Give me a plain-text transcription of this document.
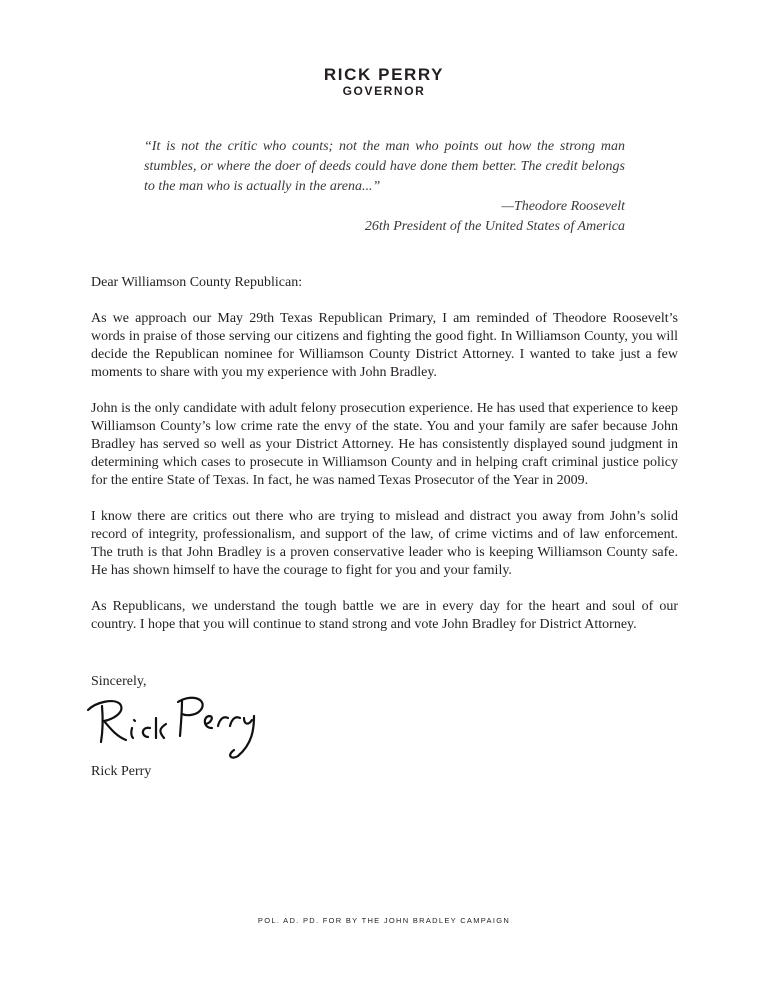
RICK PERRY
GOVERNOR

“It is not the critic who counts; not the man who points out how the strong man stumbles, or where the doer of deeds could have done them better. The credit belongs to the man who is actually in the arena...”

—Theodore Roosevelt
26th President of the United States of America

Dear Williamson County Republican:

As we approach our May 29th Texas Republican Primary, I am reminded of Theodore Roosevelt’s words in praise of those serving our citizens and fighting the good fight. In Williamson County, you will decide the Republican nominee for Williamson County District Attorney. I wanted to take just a few moments to share with you my experience with John Bradley.

John is the only candidate with adult felony prosecution experience. He has used that experience to keep Williamson County’s low crime rate the envy of the state. You and your family are safer because John Bradley has served so well as your District Attorney. He has consistently displayed sound judgment in determining which cases to prosecute in Williamson County and in helping craft criminal justice policy for the entire State of Texas. In fact, he was named Texas Prosecutor of the Year in 2009.

I know there are critics out there who are trying to mislead and distract you away from John’s solid record of integrity, professionalism, and support of the law, of crime victims and of law enforcement. The truth is that John Bradley is a proven conservative leader who is keeping Williamson County safe. He has shown himself to have the courage to fight for you and your family.

As Republicans, we understand the tough battle we are in every day for the heart and soul of our country. I hope that you will continue to stand strong and vote John Bradley for District Attorney.

Sincerely,
Rick Perry
POL. AD. PD. FOR BY THE JOHN BRADLEY CAMPAIGN
